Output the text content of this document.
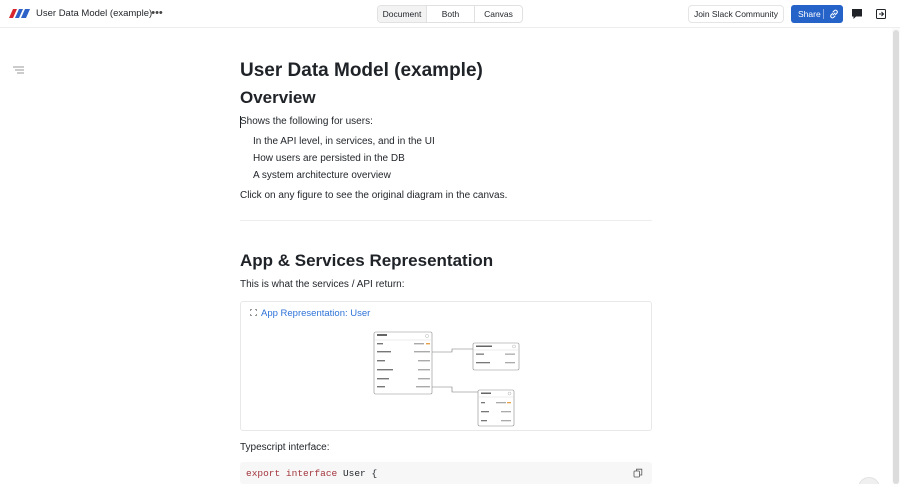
User Data Model (example) •••	Document	Both	Canvas	Join Slack Community	Share
User Data Model (example)
Overview
Shows the following for users:
In the API level, in services, and in the UI
How users are persisted in the DB
A system architecture overview
Click on any figure to see the original diagram in the canvas.
App & Services Representation
This is what the services / API return:
App Representation: User
Typescript interface:
export interface User {
